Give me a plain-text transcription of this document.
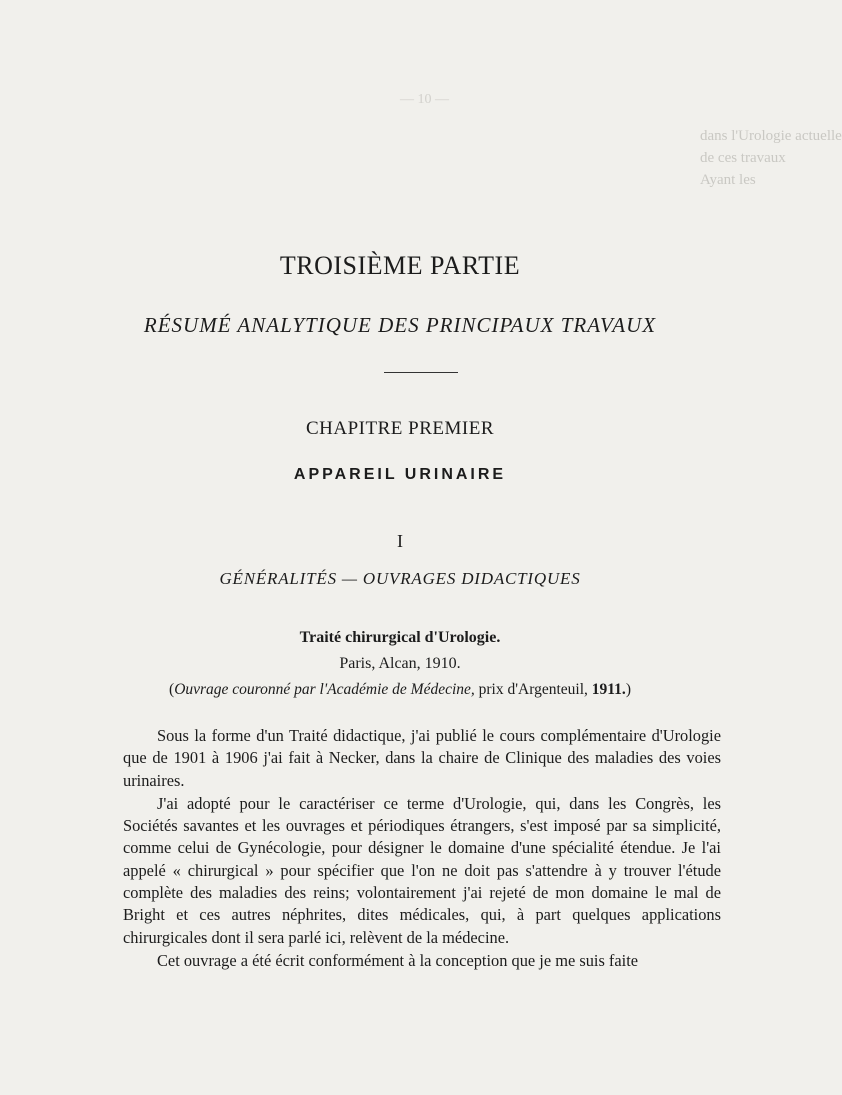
— 10 —
dans l'Urologie actuelle
de ces travaux
Ayant les
TROISIÈME PARTIE
RÉSUMÉ ANALYTIQUE DES PRINCIPAUX TRAVAUX
CHAPITRE PREMIER
APPAREIL URINAIRE
I
GÉNÉRALITÉS — OUVRAGES DIDACTIQUES
Traité chirurgical d'Urologie.
Paris, Alcan, 1910.
(Ouvrage couronné par l'Académie de Médecine, prix d'Argenteuil, 1911.)

Sous la forme d'un Traité didactique, j'ai publié le cours complémentaire d'Urologie que de 1901 à 1906 j'ai fait à Necker, dans la chaire de Clinique des maladies des voies urinaires.

J'ai adopté pour le caractériser ce terme d'Urologie, qui, dans les Congrès, les Sociétés savantes et les ouvrages et périodiques étrangers, s'est imposé par sa simplicité, comme celui de Gynécologie, pour désigner le domaine d'une spécialité étendue. Je l'ai appelé « chirurgical » pour spécifier que l'on ne doit pas s'attendre à y trouver l'étude complète des maladies des reins; volontairement j'ai rejeté de mon domaine le mal de Bright et ces autres néphrites, dites médicales, qui, à part quelques applications chirurgicales dont il sera parlé ici, relèvent de la médecine.

Cet ouvrage a été écrit conformément à la conception que je me suis faite
